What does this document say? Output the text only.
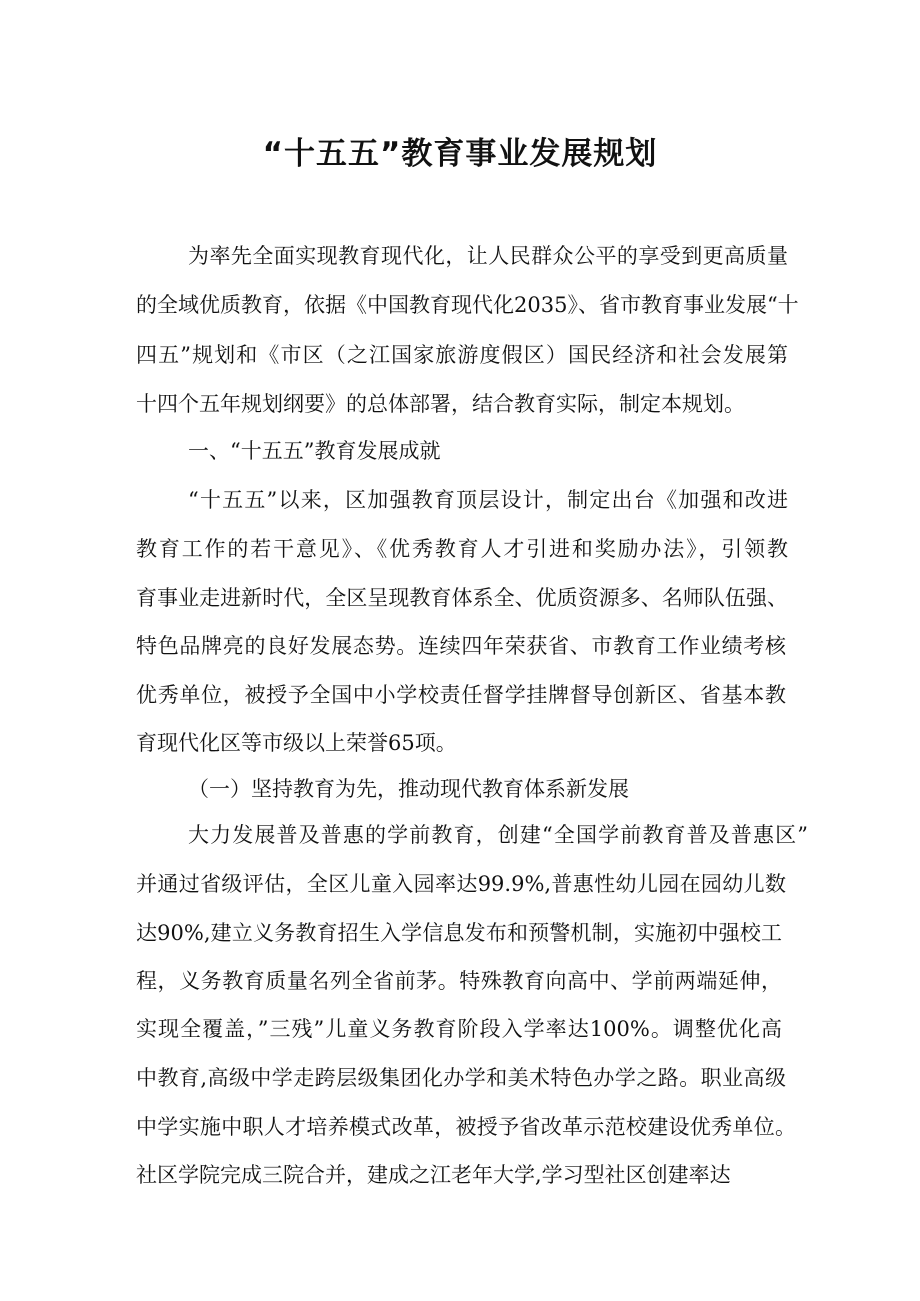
“十五五”教育事业发展规划
为率先全面实现教育现代化，让人民群众公平的享受到更高质量
的全域优质教育，依据《中国教育现代化2035》、省市教育事业发展“十
四五”规划和《市区（之江国家旅游度假区）国民经济和社会发展第
十四个五年规划纲要》的总体部署，结合教育实际，制定本规划。
一、“十五五”教育发展成就
“十五五”以来，区加强教育顶层设计，制定出台《加强和改进
教育工作的若干意见》、《优秀教育人才引进和奖励办法》，引领教
育事业走进新时代，全区呈现教育体系全、优质资源多、名师队伍强、
特色品牌亮的良好发展态势。连续四年荣获省、市教育工作业绩考核
优秀单位，被授予全国中小学校责任督学挂牌督导创新区、省基本教
育现代化区等市级以上荣誉65项。
（一）坚持教育为先，推动现代教育体系新发展
大力发展普及普惠的学前教育，创建“全国学前教育普及普惠区”
并通过省级评估，全区儿童入园率达99.9%,普惠性幼儿园在园幼儿数
达90%,建立义务教育招生入学信息发布和预警机制，实施初中强校工
程，义务教育质量名列全省前茅。特殊教育向高中、学前两端延伸，
实现全覆盖，”三残”儿童义务教育阶段入学率达100%。调整优化高
中教育,高级中学走跨层级集团化办学和美术特色办学之路。职业高级
中学实施中职人才培养模式改革，被授予省改革示范校建设优秀单位。
社区学院完成三院合并，建成之江老年大学,学习型社区创建率达
